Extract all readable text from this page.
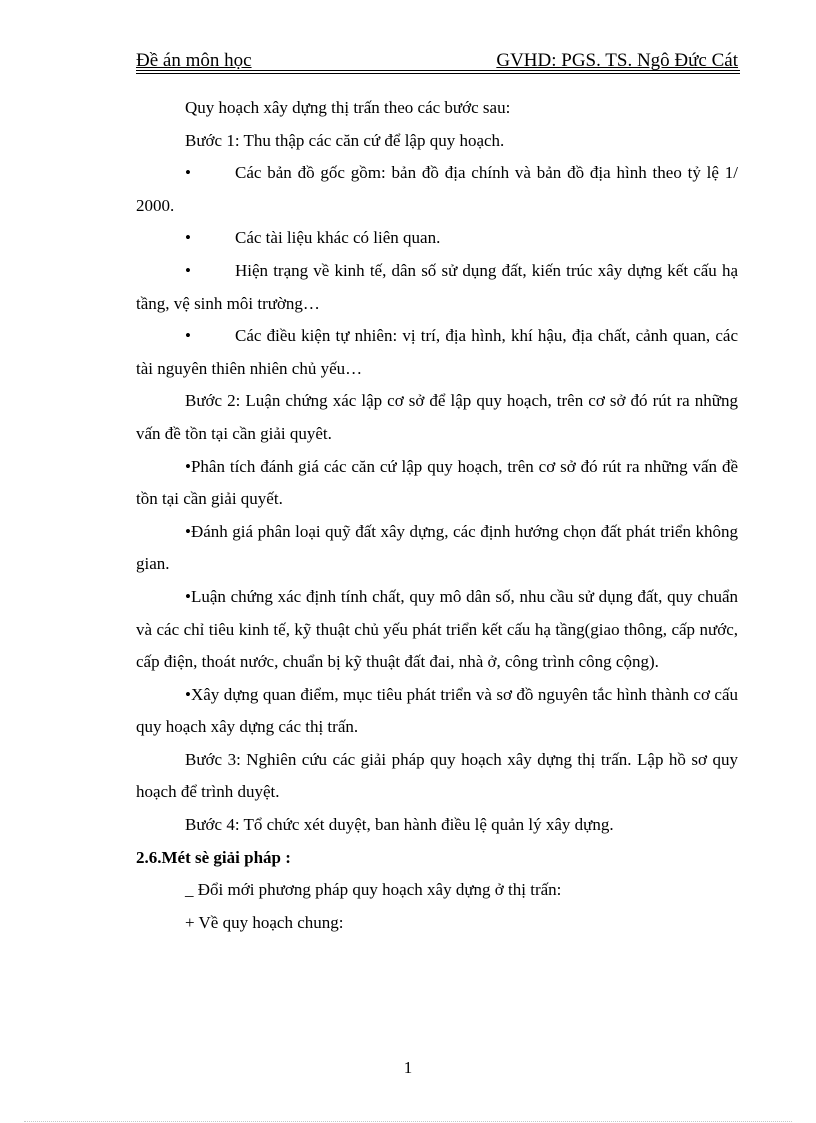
Đề án môn học	GVHD: PGS. TS. Ngô Đức Cát

Quy hoạch xây dựng thị trấn theo các bước sau:

Bước 1: Thu thập các căn cứ để lập quy hoạch.

•	Các bản đồ gốc gồm: bản đồ địa chính và bản đồ địa hình theo tỷ lệ 1/ 2000.

•	Các tài liệu khác có liên quan.

•	Hiện trạng về kinh tế, dân số sử dụng đất, kiến trúc xây dựng kết cấu hạ tầng, vệ sinh môi trường…

•	Các điều kiện tự nhiên: vị trí, địa hình, khí hậu, địa chất, cảnh quan, các tài nguyên thiên nhiên chủ yếu…

Bước 2: Luận chứng xác lập cơ sở để lập quy hoạch, trên cơ sở đó rút ra những vấn đề tồn tại cần giải quyêt.

•Phân tích đánh giá các căn cứ lập quy hoạch, trên cơ sở đó rút ra những vấn đề tồn tại cần giải quyết.

•Đánh giá phân loại quỹ đất xây dựng, các định hướng chọn đất phát triển không gian.

•Luận chứng xác định tính chất, quy mô dân số, nhu cầu sử dụng đất, quy chuẩn và các chỉ tiêu kinh tế, kỹ thuật chủ yếu phát triển kết cấu hạ tầng(giao thông, cấp nước, cấp điện, thoát nước, chuẩn bị kỹ thuật đất đai, nhà ở, công trình công cộng).

•Xây dựng quan điểm, mục tiêu phát triển và sơ đồ nguyên tắc hình thành cơ cấu quy hoạch xây dựng các thị trấn.

Bước 3: Nghiên cứu các giải pháp quy hoạch xây dựng thị trấn. Lập hồ sơ quy hoạch để trình duyệt.

Bước 4: Tổ chức xét duyệt, ban hành điều lệ quản lý xây dựng.

2.6.Mét sè giải pháp :

_ Đổi mới phương pháp quy hoạch xây dựng ở thị trấn:

+ Về quy hoạch chung:

1
